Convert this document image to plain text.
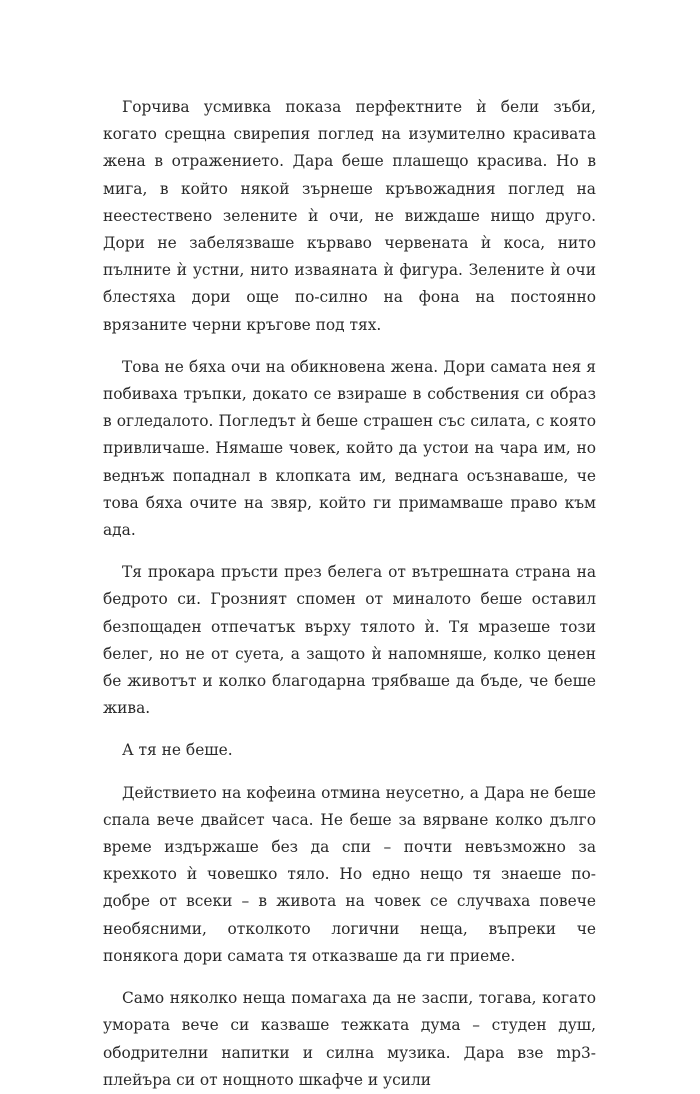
Горчива усмивка показа перфектните ѝ бели зъби, когато срещна свирепия поглед на изумително красивата жена в отражението. Дара беше плашещо красива. Но в мига, в който някой зърнеше кръвожадния поглед на неестествено зелените ѝ очи, не виждаше нищо друго. Дори не забелязваше кърваво червената ѝ коса, нито пълните ѝ устни, нито изваяната ѝ фигура. Зелените ѝ очи блестяха дори още по-силно на фона на постоянно врязаните черни кръгове под тях.

Това не бяха очи на обикновена жена. Дори самата нея я побиваха тръпки, докато се взираше в собствения си образ в огледалото. Погледът ѝ беше страшен със силата, с която привличаше. Нямаше човек, който да устои на чара им, но веднъж попаднал в клопката им, веднага осъзнаваше, че това бяха очите на звяр, който ги примамваше право към ада.

Тя прокара пръсти през белега от вътрешната страна на бедрото си. Грозният спомен от миналото беше оставил безпощаден отпечатък върху тялото ѝ. Тя мразеше този белег, но не от суета, а защото ѝ напомняше, колко ценен бе животът и колко благодарна трябваше да бъде, че беше жива.

А тя не беше.

Действието на кофеина отмина неусетно, а Дара не беше спала вече двайсет часа. Не беше за вярване колко дълго време издържаше без да спи – почти невъзможно за крехкото ѝ човешко тяло. Но едно нещо тя знаеше по-добре от всеки – в живота на човек се случваха повече необясними, отколкото логични неща, въпреки че понякога дори самата тя отказваше да ги приеме.

Само няколко неща помагаха да не заспи, тогава, когато умората вече си казваше тежката дума – студен душ, ободрителни напитки и силна музика. Дара взе mp3-плейъра си от нощното шкафче и усили
